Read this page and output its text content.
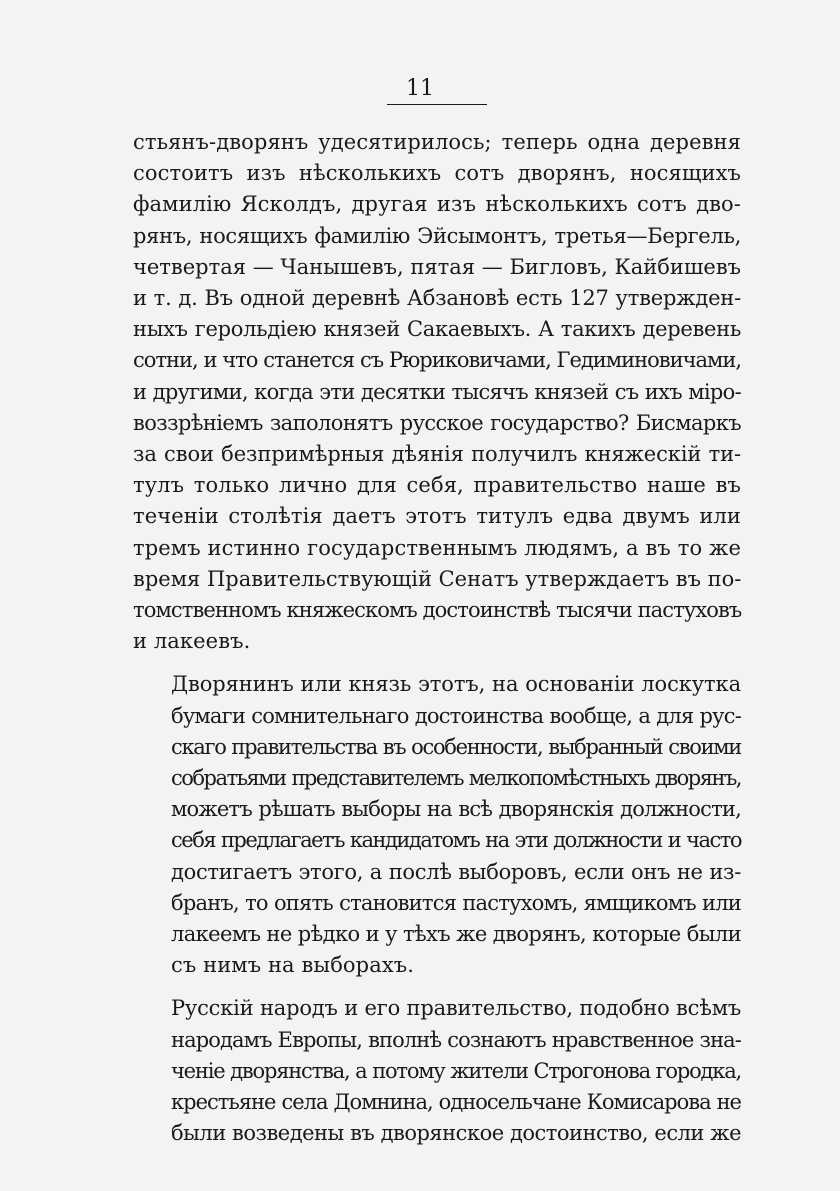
11

стьянъ-дворянъ удесятирилось; теперь одна деревня
состоитъ изъ нѣсколькихъ сотъ дворянъ, носящихъ
фамилію Ясколдъ, другая изъ нѣсколькихъ сотъ дво-
рянъ, носящихъ фамилію Эйсымонтъ, третья—Бергель,
четвертая — Чанышевъ, пятая — Бигловъ, Кайбишевъ
и т. д. Въ одной деревнѣ Абзановѣ есть 127 утвержден-
ныхъ герольдіею князей Сакаевыхъ. А такихъ деревень
сотни, и что станется съ Рюриковичами, Гедиминовичами,
и другими, когда эти десятки тысячъ князей съ ихъ міро-
воззрѣніемъ заполонятъ русское государство? Бисмаркъ
за свои безпримѣрныя дѣянія получилъ княжескій ти-
тулъ только лично для себя, правительство наше въ
теченіи столѣтія даетъ этотъ титулъ едва двумъ или
тремъ истинно государственнымъ людямъ, а въ то же
время Правительствующій Сенатъ утверждаетъ въ по-
томственномъ княжескомъ достоинствѣ тысячи пастуховъ
и лакеевъ.

Дворянинъ или князь этотъ, на основаніи лоскутка
бумаги сомнительнаго достоинства вообще, а для рус-
скаго правительства въ особенности, выбранный своими
собратьями представителемъ мелкопомѣстныхъ дворянъ,
можетъ рѣшать выборы на всѣ дворянскія должности,
себя предлагаетъ кандидатомъ на эти должности и часто
достигаетъ этого, а послѣ выборовъ, если онъ не из-
бранъ, то опять становится пастухомъ, ямщикомъ или
лакеемъ не рѣдко и у тѣхъ же дворянъ, которые были
съ нимъ на выборахъ.

Русскій народъ и его правительство, подобно всѣмъ
народамъ Европы, вполнѣ сознаютъ нравственное зна-
ченіе дворянства, а потому жители Строгонова городка,
крестьяне села Домнина, односельчане Комисарова не
были возведены въ дворянское достоинство, если же
